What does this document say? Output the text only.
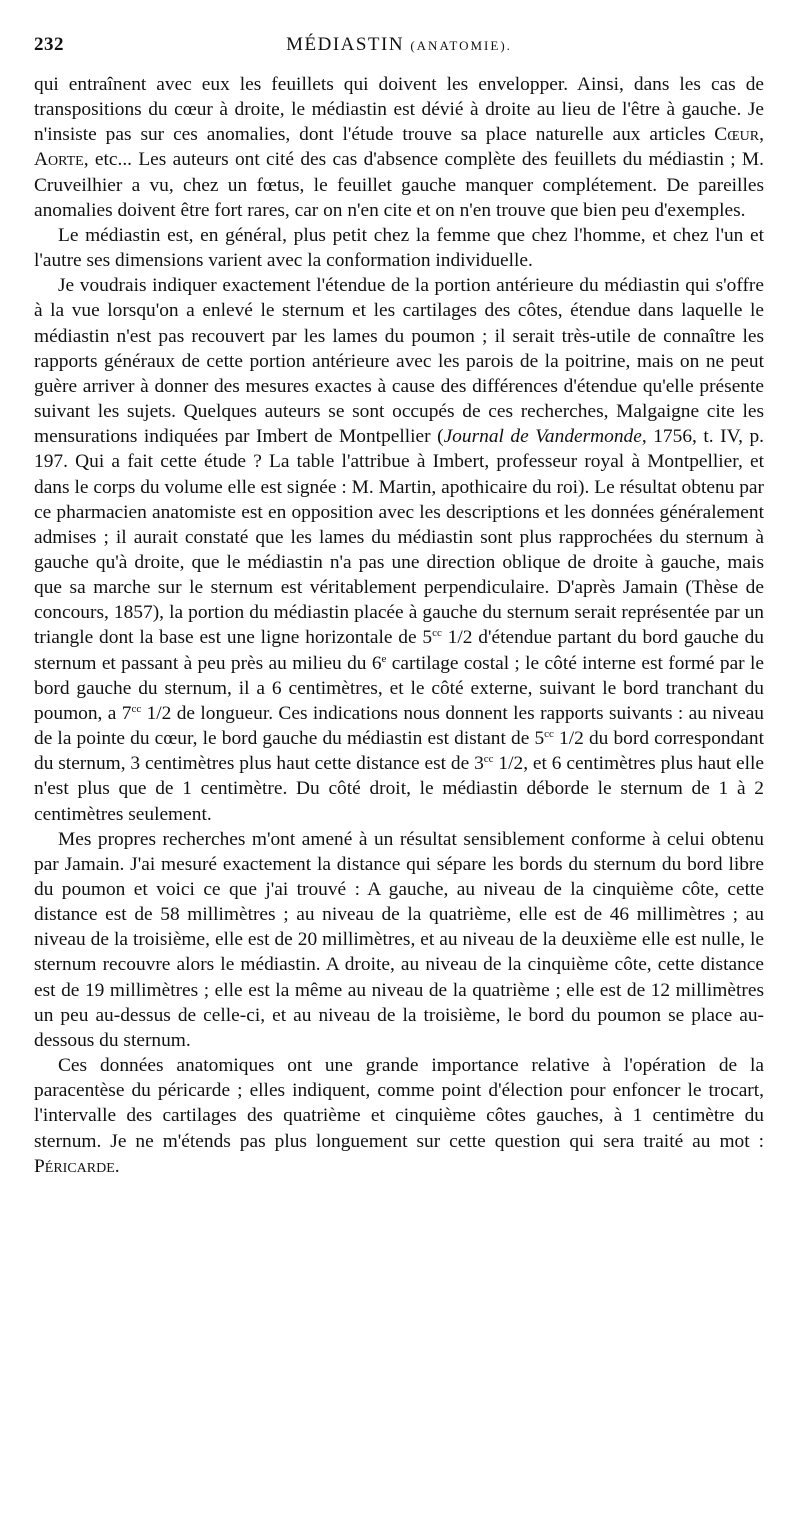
232	MÉDIASTIN (ANATOMIE).

qui entraînent avec eux les feuillets qui doivent les envelopper. Ainsi, dans les cas de transpositions du cœur à droite, le médiastin est dévié à droite au lieu de l'être à gauche. Je n'insiste pas sur ces anomalies, dont l'étude trouve sa place naturelle aux articles Cœur, Aorte, etc... Les auteurs ont cité des cas d'absence complète des feuillets du médiastin ; M. Cruveilhier a vu, chez un fœtus, le feuillet gauche manquer complétement. De pareilles anomalies doivent être fort rares, car on n'en cite et on n'en trouve que bien peu d'exemples.

Le médiastin est, en général, plus petit chez la femme que chez l'homme, et chez l'un et l'autre ses dimensions varient avec la conformation individuelle.

Je voudrais indiquer exactement l'étendue de la portion antérieure du médiastin qui s'offre à la vue lorsqu'on a enlevé le sternum et les cartilages des côtes, étendue dans laquelle le médiastin n'est pas recouvert par les lames du poumon ; il serait très-utile de connaître les rapports généraux de cette portion antérieure avec les parois de la poitrine, mais on ne peut guère arriver à donner des mesures exactes à cause des différences d'étendue qu'elle présente suivant les sujets. Quelques auteurs se sont occupés de ces recherches, Malgaigne cite les mensurations indiquées par Imbert de Montpellier (Journal de Vandermonde, 1756, t. IV, p. 197. Qui a fait cette étude ? La table l'attribue à Imbert, professeur royal à Montpellier, et dans le corps du volume elle est signée : M. Martin, apothicaire du roi). Le résultat obtenu par ce pharmacien anatomiste est en opposition avec les descriptions et les données généralement admises ; il aurait constaté que les lames du médiastin sont plus rapprochées du sternum à gauche qu'à droite, que le médiastin n'a pas une direction oblique de droite à gauche, mais que sa marche sur le sternum est véritablement perpendiculaire. D'après Jamain (Thèse de concours, 1857), la portion du médiastin placée à gauche du sternum serait représentée par un triangle dont la base est une ligne horizontale de $5^{cc}$ 1/2 d'étendue partant du bord gauche du sternum et passant à peu près au milieu du 6e cartilage costal ; le côté interne est formé par le bord gauche du sternum, il a 6 centimètres, et le côté externe, suivant le bord tranchant du poumon, a $7^{cc}$ 1/2 de longueur. Ces indications nous donnent les rapports suivants : au niveau de la pointe du cœur, le bord gauche du médiastin est distant de $5^{cc}$ 1/2 du bord correspondant du sternum, 3 centimètres plus haut cette distance est de $3^{cc}$ 1/2, et 6 centimètres plus haut elle n'est plus que de 1 centimètre. Du côté droit, le médiastin déborde le sternum de 1 à 2 centimètres seulement.

Mes propres recherches m'ont amené à un résultat sensiblement conforme à celui obtenu par Jamain. J'ai mesuré exactement la distance qui sépare les bords du sternum du bord libre du poumon et voici ce que j'ai trouvé : A gauche, au niveau de la cinquième côte, cette distance est de 58 millimètres ; au niveau de la quatrième, elle est de 46 millimètres ; au niveau de la troisième, elle est de 20 millimètres, et au niveau de la deuxième elle est nulle, le sternum recouvre alors le médiastin. A droite, au niveau de la cinquième côte, cette distance est de 19 millimètres ; elle est la même au niveau de la quatrième ; elle est de 12 millimètres un peu au-dessus de celle-ci, et au niveau de la troisième, le bord du poumon se place au-dessous du sternum.

Ces données anatomiques ont une grande importance relative à l'opération de la paracentèse du péricarde ; elles indiquent, comme point d'élection pour enfoncer le trocart, l'intervalle des cartilages des quatrième et cinquième côtes gauches, à 1 centimètre du sternum. Je ne m'étends pas plus longuement sur cette question qui sera traité au mot : Péricarde.
